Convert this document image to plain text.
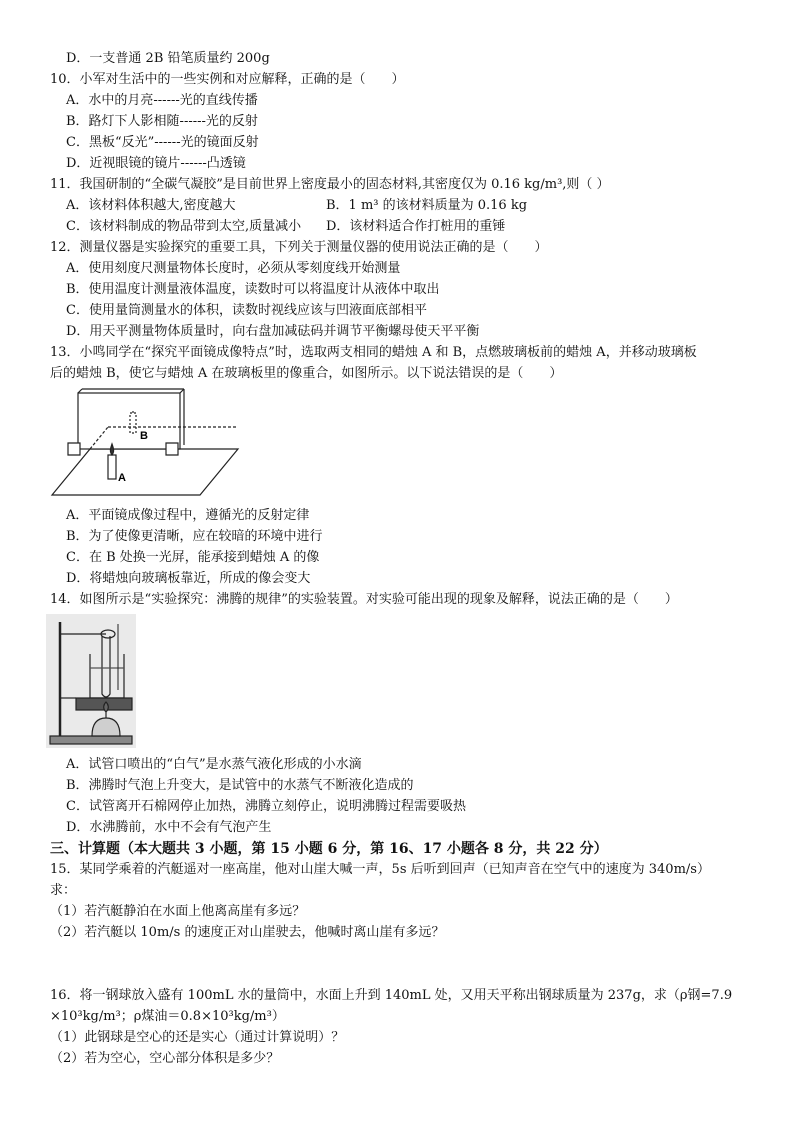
D．一支普通 2B 铅笔质量约 200g
10．小军对生活中的一些实例和对应解释，正确的是（　　）
A．水中的月亮------光的直线传播
B．路灯下人影相随------光的反射
C．黑板“反光”------光的镜面反射
D．近视眼镜的镜片------凸透镜
11．我国研制的“全碳气凝胶”是目前世界上密度最小的固态材料,其密度仅为 0.16 kg/m³,则（ ）
A．该材料体积越大,密度越大	B．1 m³ 的该材料质量为 0.16 kg
C．该材料制成的物品带到太空,质量减小 D．该材料适合作打桩用的重锤
12．测量仪器是实验探究的重要工具，下列关于测量仪器的使用说法正确的是（　　）
A．使用刻度尺测量物体长度时，必须从零刻度线开始测量
B．使用温度计测量液体温度，读数时可以将温度计从液体中取出
C．使用量筒测量水的体积，读数时视线应该与凹液面底部相平
D．用天平测量物体质量时，向右盘加减砝码并调节平衡螺母使天平平衡
13．小鸣同学在“探究平面镜成像特点”时，选取两支相同的蜡烛 A 和 B，点燃玻璃板前的蜡烛 A，并移动玻璃板
后的蜡烛 B，使它与蜡烛 A 在玻璃板里的像重合，如图所示。以下说法错误的是（　　）
B
A
A．平面镜成像过程中，遵循光的反射定律
B．为了使像更清晰，应在较暗的环境中进行
C．在 B 处换一光屏，能承接到蜡烛 A 的像
D．将蜡烛向玻璃板靠近，所成的像会变大
14．如图所示是“实验探究：沸腾的规律”的实验装置。对实验可能出现的现象及解释，说法正确的是（　　）
A．试管口喷出的“白气”是水蒸气液化形成的小水滴
B．沸腾时气泡上升变大，是试管中的水蒸气不断液化造成的
C．试管离开石棉网停止加热，沸腾立刻停止，说明沸腾过程需要吸热
D．水沸腾前，水中不会有气泡产生
三、计算题（本大题共 3 小题，第 15 小题 6 分，第 16、17 小题各 8 分，共 22 分）
15．某同学乘着的汽艇遥对一座高崖，他对山崖大喊一声，5s 后听到回声（已知声音在空气中的速度为 340m/s）
求：
（1）若汽艇静泊在水面上他离高崖有多远？
（2）若汽艇以 10m/s 的速度正对山崖驶去，他喊时离山崖有多远？
16．将一钢球放入盛有 100mL 水的量筒中，水面上升到 140mL 处，又用天平称出钢球质量为 237g，求（ρ钢=7.9
×10³kg/m³；ρ煤油＝0.8×10³kg/m³）
（1）此钢球是空心的还是实心（通过计算说明）？
（2）若为空心，空心部分体积是多少？
